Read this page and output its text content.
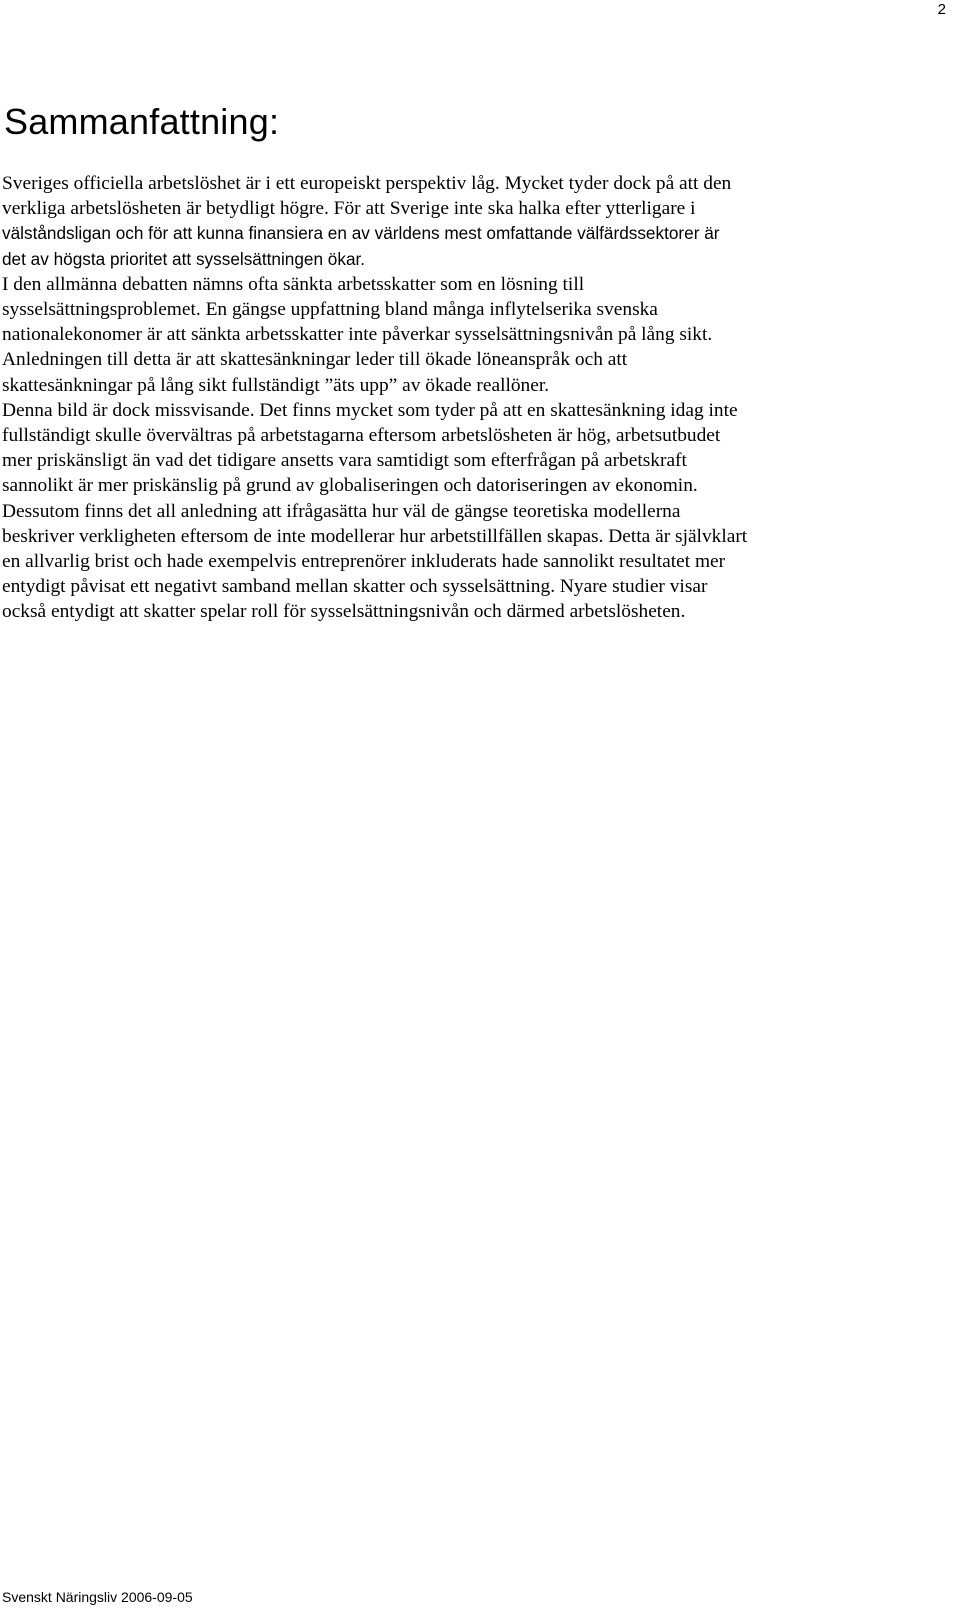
2
Sammanfattning:
Sveriges officiella arbetslöshet är i ett europeiskt perspektiv låg. Mycket tyder dock på att den
verkliga arbetslösheten är betydligt högre. För att Sverige inte ska halka efter ytterligare i
välståndsligan och för att kunna finansiera en av världens mest omfattande välfärdssektorer är
det av högsta prioritet att sysselsättningen ökar.
I den allmänna debatten nämns ofta sänkta arbetsskatter som en lösning till
sysselsättningsproblemet. En gängse uppfattning bland många inflytelserika svenska
nationalekonomer är att sänkta arbetsskatter inte påverkar sysselsättningsnivån på lång sikt.
Anledningen till detta är att skattesänkningar leder till ökade löneanspråk och att
skattesänkningar på lång sikt fullständigt ”äts upp” av ökade reallöner.
Denna bild är dock missvisande. Det finns mycket som tyder på att en skattesänkning idag inte
fullständigt skulle övervältras på arbetstagarna eftersom arbetslösheten är hög, arbetsutbudet
mer priskänsligt än vad det tidigare ansetts vara samtidigt som efterfrågan på arbetskraft
sannolikt är mer priskänslig på grund av globaliseringen och datoriseringen av ekonomin.
Dessutom finns det all anledning att ifrågasätta hur väl de gängse teoretiska modellerna
beskriver verkligheten eftersom de inte modellerar hur arbetstillfällen skapas. Detta är självklart
en allvarlig brist och hade exempelvis entreprenörer inkluderats hade sannolikt resultatet mer
entydigt påvisat ett negativt samband mellan skatter och sysselsättning. Nyare studier visar
också entydigt att skatter spelar roll för sysselsättningsnivån och därmed arbetslösheten.
Svenskt Näringsliv 2006-09-05
